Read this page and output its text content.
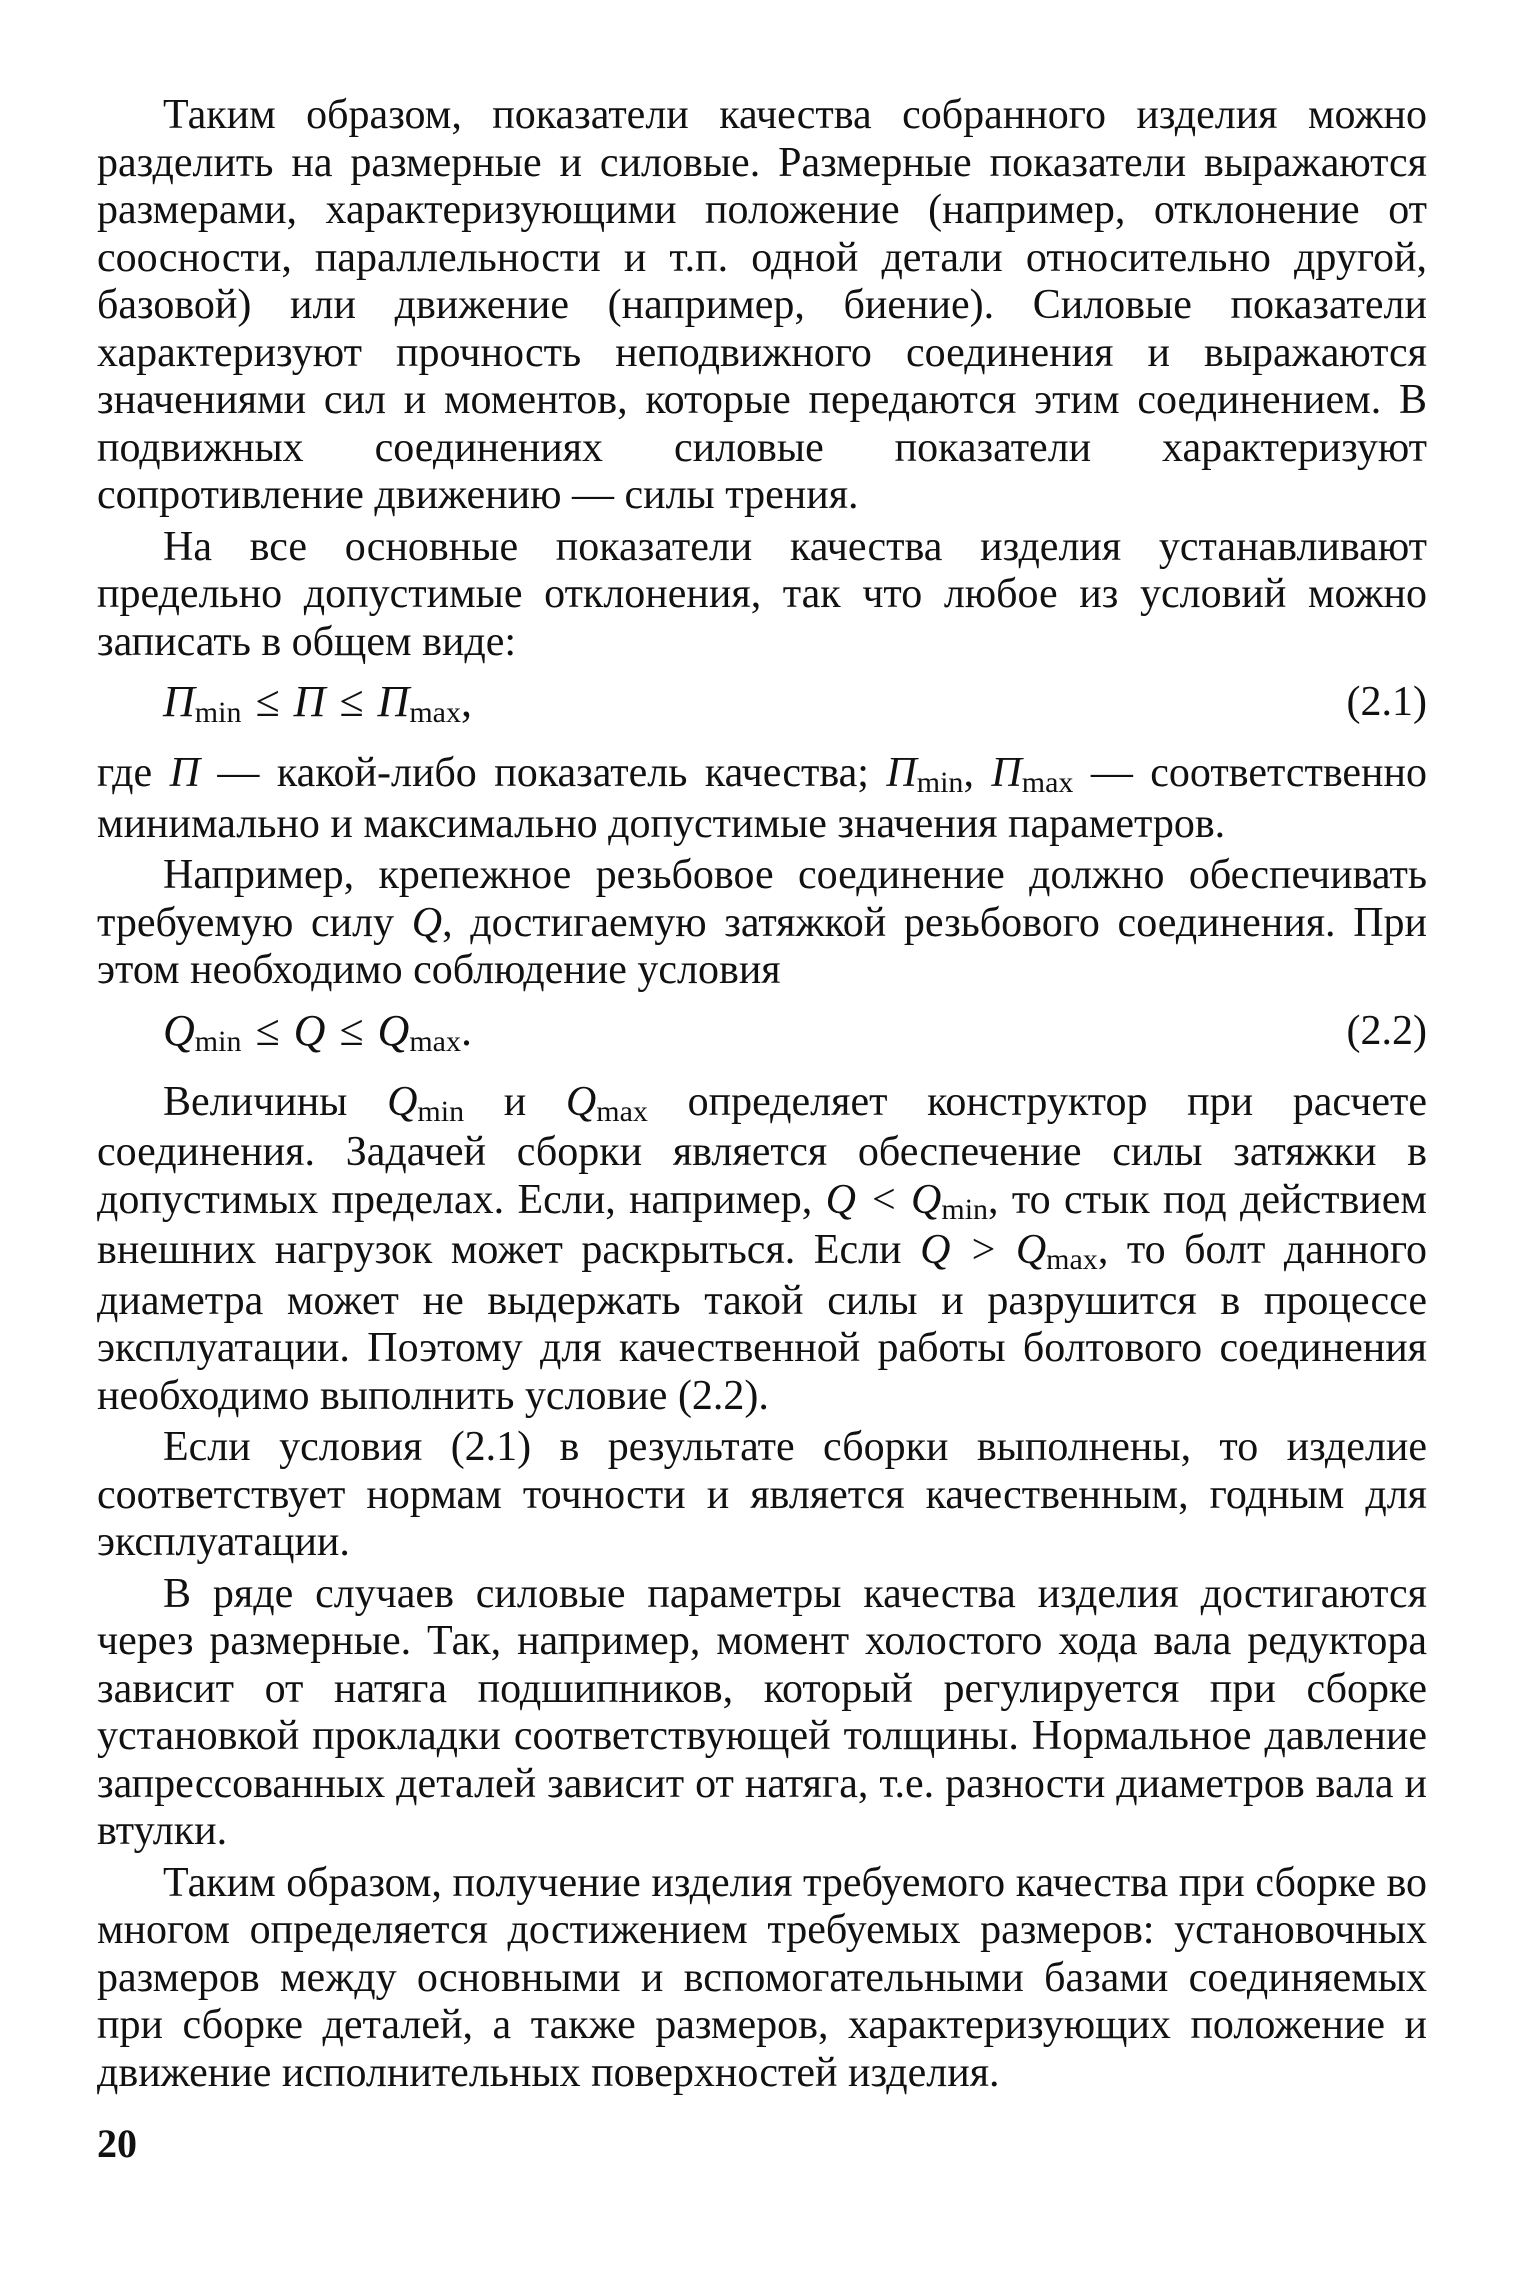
Таким образом, показатели качества собранного изделия можно разделить на размерные и силовые. Размерные показатели выражаются размерами, характеризующими положение (например, отклонение от соосности, параллельности и т.п. одной детали относительно другой, базовой) или движение (например, биение). Силовые показатели характеризуют прочность неподвижного соединения и выражаются значениями сил и моментов, которые передаются этим соединением. В подвижных соединениях силовые показатели характеризуют сопротивление движению — силы трения.

На все основные показатели качества изделия устанавливают предельно допустимые отклонения, так что любое из условий можно записать в общем виде:

$П_{min} \le П \le П_{max}$,	(2.1)

где П — какой-либо показатель качества; $П_{min}$, $П_{max}$ — соответственно минимально и максимально допустимые значения параметров.

Например, крепежное резьбовое соединение должно обеспечивать требуемую силу Q, достигаемую затяжкой резьбового соединения. При этом необходимо соблюдение условия

$Q_{min} \le Q \le Q_{max}$.	(2.2)

Величины $Q_{min}$ и $Q_{max}$ определяет конструктор при расчете соединения. Задачей сборки является обеспечение силы затяжки в допустимых пределах. Если, например, $Q < Q_{min}$, то стык под действием внешних нагрузок может раскрыться. Если $Q > Q_{max}$, то болт данного диаметра может не выдержать такой силы и разрушится в процессе эксплуатации. Поэтому для качественной работы болтового соединения необходимо выполнить условие (2.2).

Если условия (2.1) в результате сборки выполнены, то изделие соответствует нормам точности и является качественным, годным для эксплуатации.

В ряде случаев силовые параметры качества изделия достигаются через размерные. Так, например, момент холостого хода вала редуктора зависит от натяга подшипников, который регулируется при сборке установкой прокладки соответствующей толщины. Нормальное давление запрессованных деталей зависит от натяга, т.е. разности диаметров вала и втулки.

Таким образом, получение изделия требуемого качества при сборке во многом определяется достижением требуемых размеров: установочных размеров между основными и вспомогательными базами соединяемых при сборке деталей, а также размеров, характеризующих положение и движение исполнительных поверхностей изделия.

20
